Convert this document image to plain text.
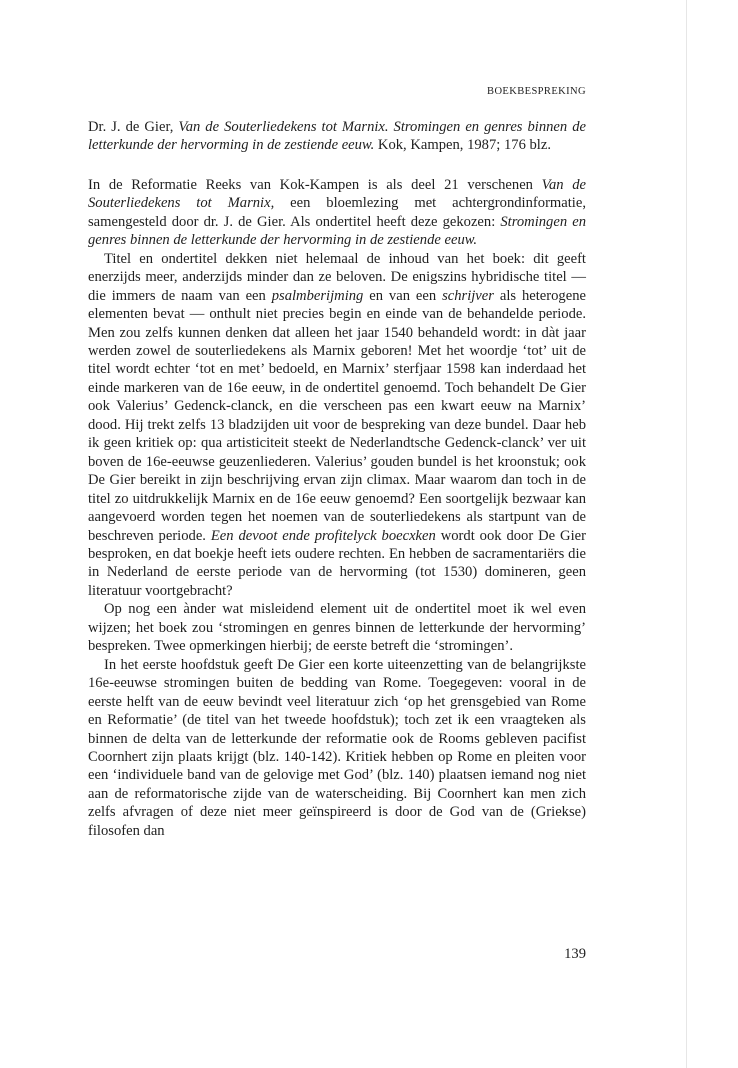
BOEKBESPREKING

Dr. J. de Gier, Van de Souterliedekens tot Marnix. Stromingen en genres binnen de letterkunde der hervorming in de zestiende eeuw. Kok, Kampen, 1987; 176 blz.

In de Reformatie Reeks van Kok-Kampen is als deel 21 verschenen Van de Souterliedekens tot Marnix, een bloemlezing met achtergrondinformatie, samengesteld door dr. J. de Gier. Als ondertitel heeft deze gekozen: Stromingen en genres binnen de letterkunde der hervorming in de zestiende eeuw.

Titel en ondertitel dekken niet helemaal de inhoud van het boek: dit geeft enerzijds meer, anderzijds minder dan ze beloven. De enigszins hybridische titel — die immers de naam van een psalmberijming en van een schrijver als heterogene elementen bevat — onthult niet precies begin en einde van de behandelde periode. Men zou zelfs kunnen denken dat alleen het jaar 1540 behandeld wordt: in dàt jaar werden zowel de souterliedekens als Marnix geboren! Met het woordje ‘tot’ uit de titel wordt echter ‘tot en met’ bedoeld, en Marnix’ sterfjaar 1598 kan inderdaad het einde markeren van de 16e eeuw, in de ondertitel genoemd. Toch behandelt De Gier ook Valerius’ Gedenck-clanck, en die verscheen pas een kwart eeuw na Marnix’ dood. Hij trekt zelfs 13 bladzijden uit voor de bespreking van deze bundel. Daar heb ik geen kritiek op: qua artisticiteit steekt de Nederlandtsche Gedenck-clanck’ ver uit boven de 16e-eeuwse geuzenliederen. Valerius’ gouden bundel is het kroonstuk; ook De Gier bereikt in zijn beschrijving ervan zijn climax. Maar waarom dan toch in de titel zo uitdrukkelijk Marnix en de 16e eeuw genoemd? Een soortgelijk bezwaar kan aangevoerd worden tegen het noemen van de souterliedekens als startpunt van de beschreven periode. Een devoot ende profitelyck boecxken wordt ook door De Gier besproken, en dat boekje heeft iets oudere rechten. En hebben de sacramentariërs die in Nederland de eerste periode van de hervorming (tot 1530) domineren, geen literatuur voortgebracht?

Op nog een ànder wat misleidend element uit de ondertitel moet ik wel even wijzen; het boek zou ‘stromingen en genres binnen de letterkunde der hervorming’ bespreken. Twee opmerkingen hierbij; de eerste betreft die ‘stromingen’.

In het eerste hoofdstuk geeft De Gier een korte uiteenzetting van de belangrijkste 16e-eeuwse stromingen buiten de bedding van Rome. Toegegeven: vooral in de eerste helft van de eeuw bevindt veel literatuur zich ‘op het grensgebied van Rome en Reformatie’ (de titel van het tweede hoofdstuk); toch zet ik een vraagteken als binnen de delta van de letterkunde der reformatie ook de Rooms gebleven pacifist Coornhert zijn plaats krijgt (blz. 140-142). Kritiek hebben op Rome en pleiten voor een ‘individuele band van de gelovige met God’ (blz. 140) plaatsen iemand nog niet aan de reformatorische zijde van de waterscheiding. Bij Coornhert kan men zich zelfs afvragen of deze niet meer geïnspireerd is door de God van de (Griekse) filosofen dan

139
